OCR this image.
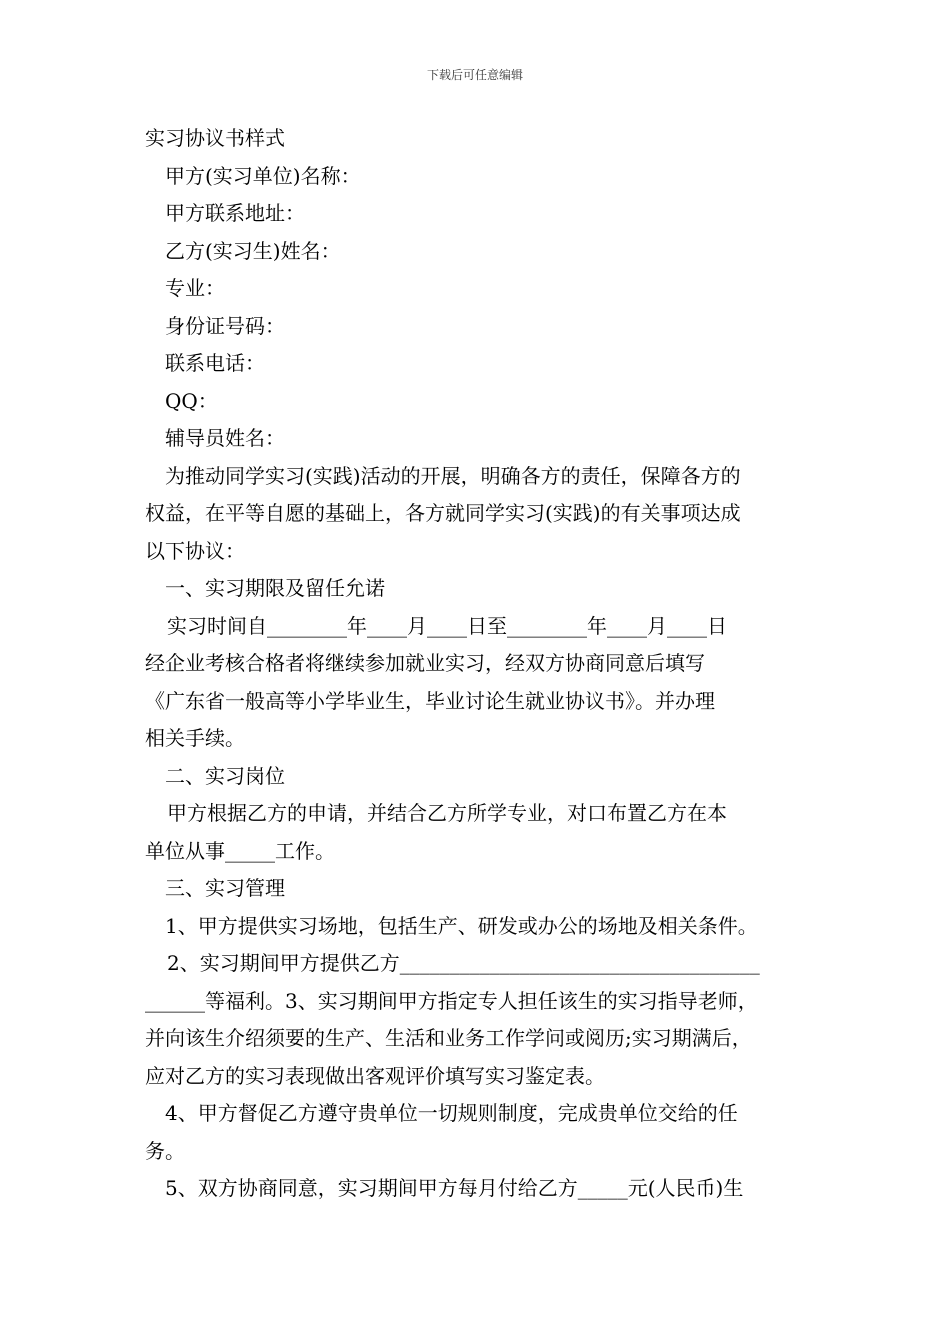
下载后可任意编辑
实习协议书样式
甲方(实习单位)名称：
甲方联系地址：
乙方(实习生)姓名：
专业：
身份证号码：
联系电话：
QQ：
辅导员姓名：
为推动同学实习(实践)活动的开展，明确各方的责任，保障各方的
权益，在平等自愿的基础上，各方就同学实习(实践)的有关事项达成
以下协议：
一、实习期限及留任允诺
实习时间自________年____月____日至________年____月____日
经企业考核合格者将继续参加就业实习，经双方协商同意后填写
《广东省一般高等小学毕业生，毕业讨论生就业协议书》。并办理
相关手续。
二、实习岗位
甲方根据乙方的申请，并结合乙方所学专业，对口布置乙方在本
单位从事_____工作。
三、实习管理
1、甲方提供实习场地，包括生产、研发或办公的场地及相关条件。
2、实习期间甲方提供乙方____________________________________
______等福利。3、实习期间甲方指定专人担任该生的实习指导老师，
并向该生介绍须要的生产、生活和业务工作学问或阅历;实习期满后，
应对乙方的实习表现做出客观评价填写实习鉴定表。
4、甲方督促乙方遵守贵单位一切规则制度，完成贵单位交给的任
务。
5、双方协商同意，实习期间甲方每月付给乙方_____元(人民币)生
